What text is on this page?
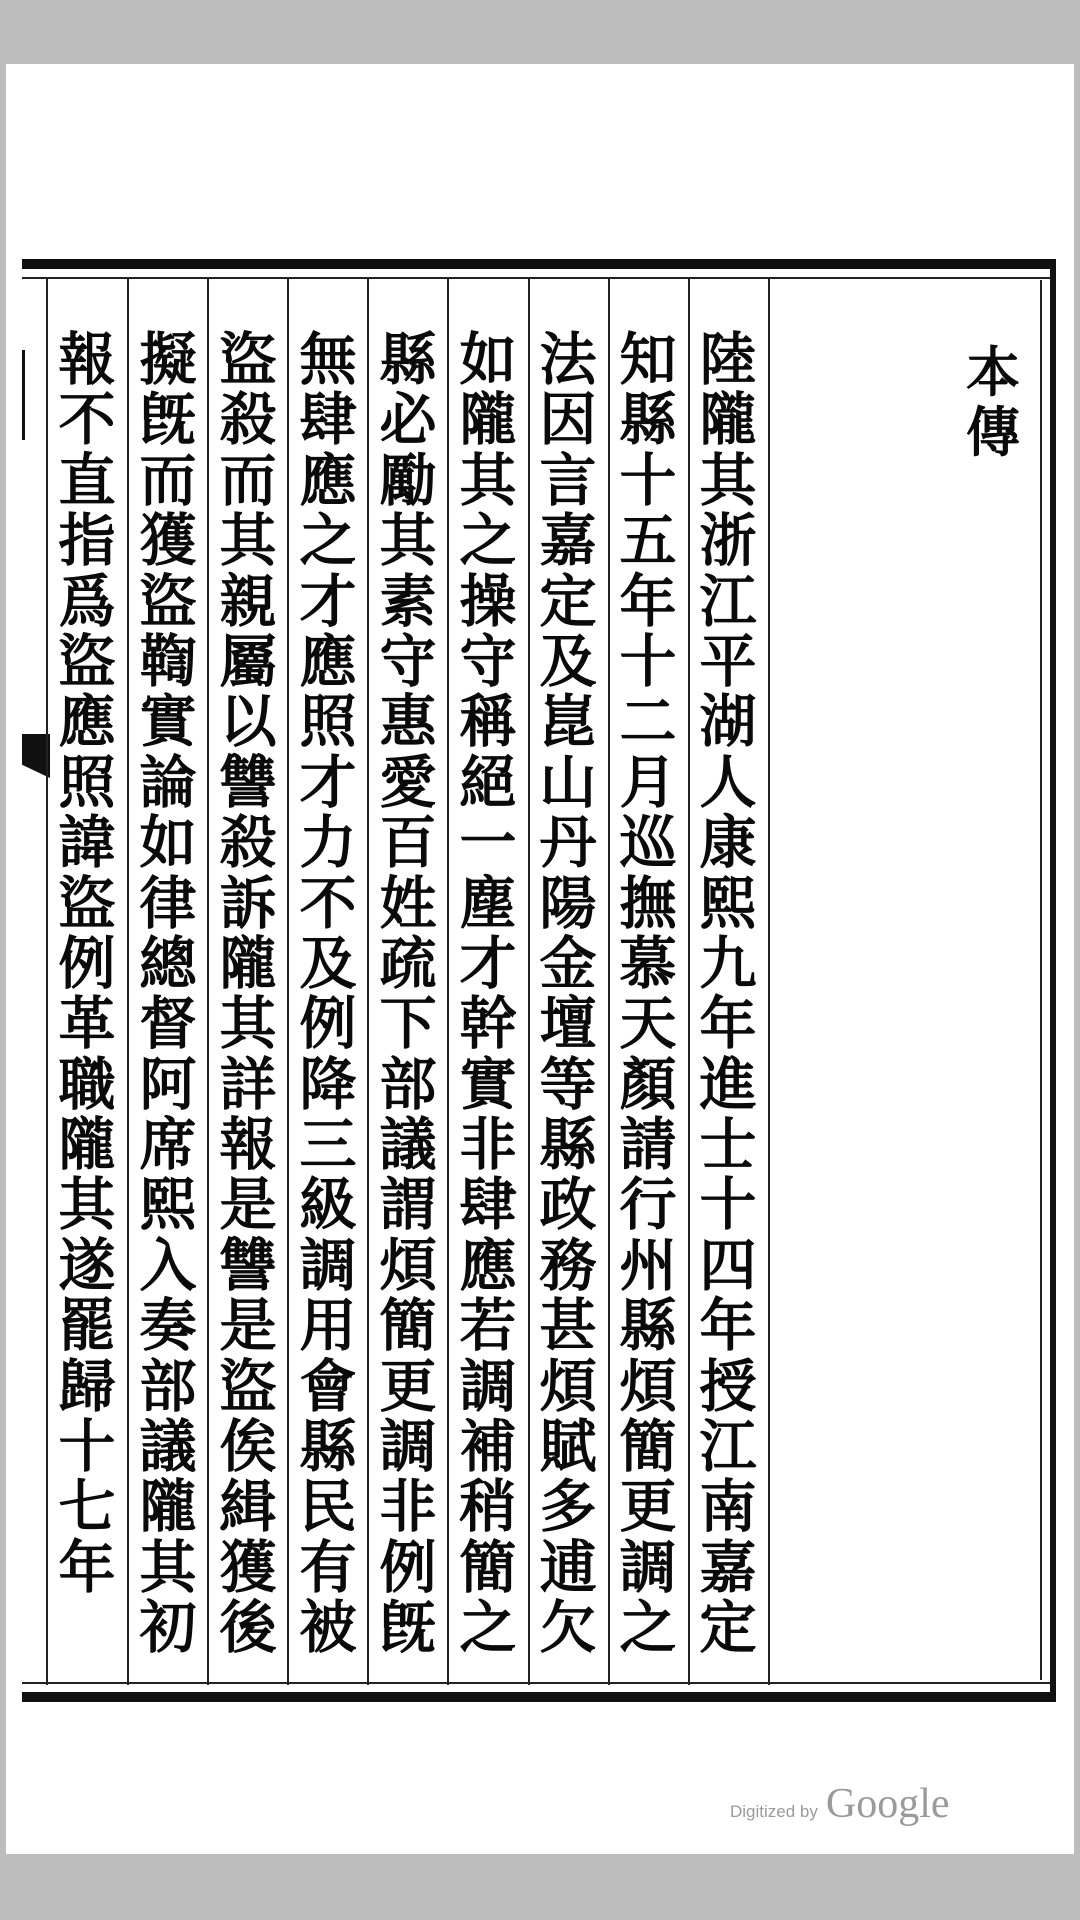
本
傳
陸
隴
其
浙
江
平
湖
人
康
熙
九
年
進
士
十
四
年
授
江
南
嘉
定
知
縣
十
五
年
十
二
月
巡
撫
慕
天
顏
請
行
州
縣
煩
簡
更
調
之
法
因
言
嘉
定
及
崑
山
丹
陽
金
壇
等
縣
政
務
甚
煩
賦
多
逋
欠
如
隴
其
之
操
守
稱
絕
一
塵
才
幹
實
非
肆
應
若
調
補
稍
簡
之
縣
必
勵
其
素
守
惠
愛
百
姓
疏
下
部
議
謂
煩
簡
更
調
非
例
旣
無
肆
應
之
才
應
照
才
力
不
及
例
降
三
級
調
用
會
縣
民
有
被
盜
殺
而
其
親
屬
以
讐
殺
訴
隴
其
詳
報
是
讐
是
盜
俟
緝
獲
後
擬
旣
而
獲
盜
鞫
實
論
如
律
總
督
阿
席
熙
入
奏
部
議
隴
其
初
報
不
直
指
爲
盜
應
照
諱
盜
例
革
職
隴
其
遂
罷
歸
十
七
年
Digitized by Google
